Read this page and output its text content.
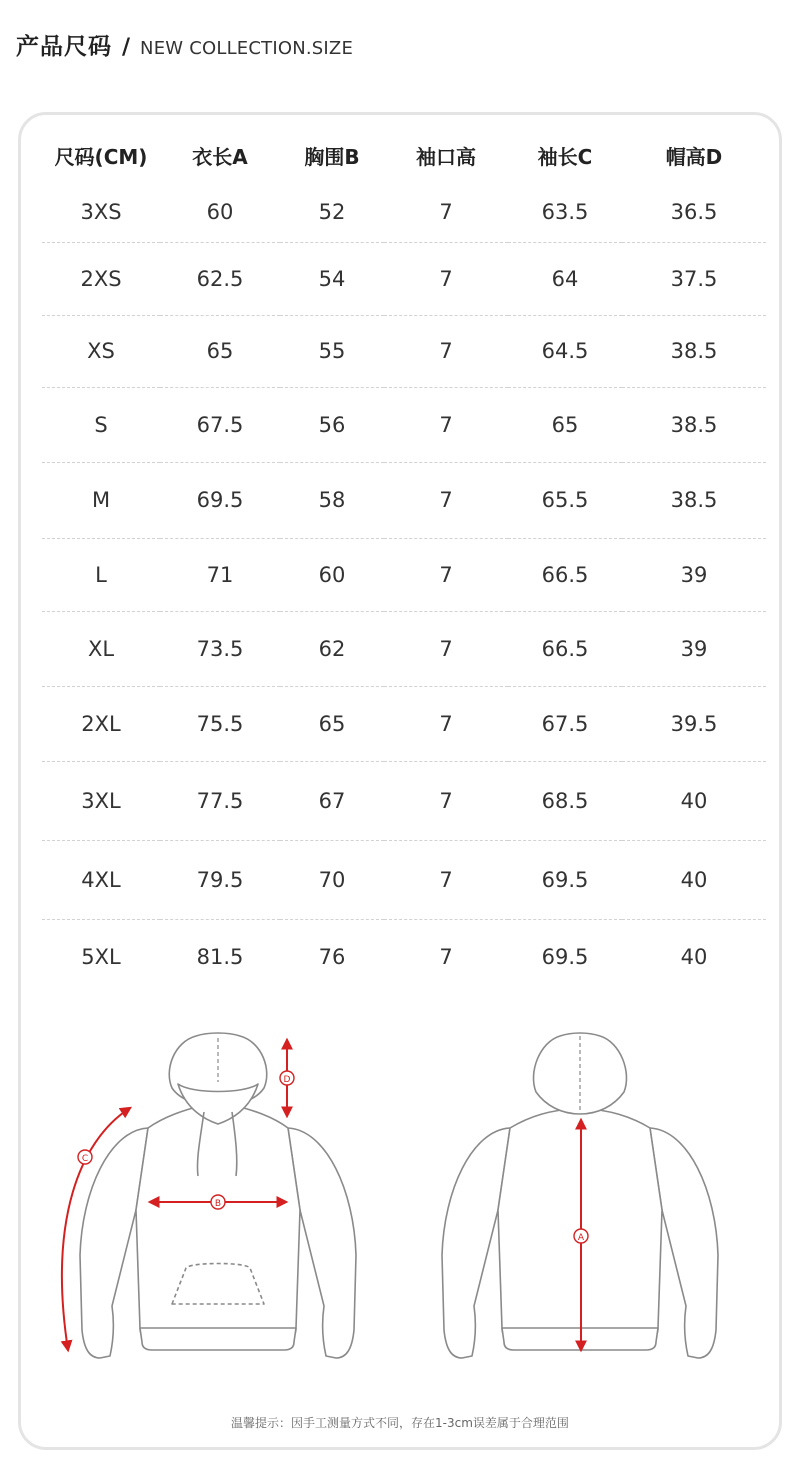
产品尺码 / NEW COLLECTION.SIZE
尺码(CM)	衣长A	胸围B	袖口高	袖长C	帽高D
3XS	60	52	7	63.5	36.5
2XS	62.5	54	7	64	37.5
XS	65	55	7	64.5	38.5
S	67.5	56	7	65	38.5
M	69.5	58	7	65.5	38.5
L	71	60	7	66.5	39
XL	73.5	62	7	66.5	39
2XL	75.5	65	7	67.5	39.5
3XL	77.5	67	7	68.5	40
4XL	79.5	70	7	69.5	40
5XL	81.5	76	7	69.5	40
D
B
C
A
温馨提示：因手工测量方式不同，存在1-3cm误差属于合理范围
